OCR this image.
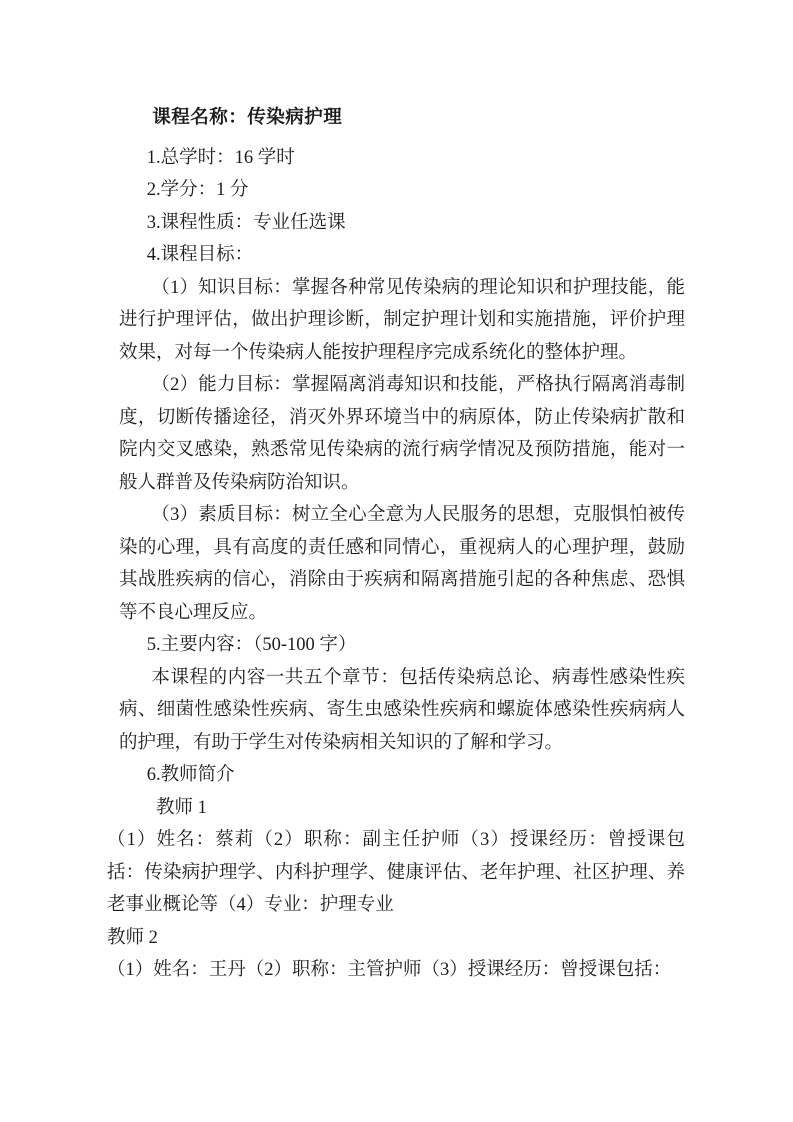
课程名称：传染病护理

1.总学时：16 学时

2.学分：1 分

3.课程性质：专业任选课

4.课程目标：

（1）知识目标：掌握各种常见传染病的理论知识和护理技能，能进行护理评估，做出护理诊断，制定护理计划和实施措施，评价护理效果，对每一个传染病人能按护理程序完成系统化的整体护理。

（2）能力目标：掌握隔离消毒知识和技能，严格执行隔离消毒制度，切断传播途径，消灭外界环境当中的病原体，防止传染病扩散和院内交叉感染，熟悉常见传染病的流行病学情况及预防措施，能对一般人群普及传染病防治知识。

（3）素质目标：树立全心全意为人民服务的思想，克服惧怕被传染的心理，具有高度的责任感和同情心，重视病人的心理护理，鼓励其战胜疾病的信心，消除由于疾病和隔离措施引起的各种焦虑、恐惧等不良心理反应。

5.主要内容：（50-100 字）

本课程的内容一共五个章节：包括传染病总论、病毒性感染性疾病、细菌性感染性疾病、寄生虫感染性疾病和螺旋体感染性疾病病人的护理，有助于学生对传染病相关知识的了解和学习。

6.教师简介

教师 1

（1）姓名：蔡莉（2）职称：副主任护师（3）授课经历：曾授课包括：传染病护理学、内科护理学、健康评估、老年护理、社区护理、养老事业概论等（4）专业：护理专业

教师 2

（1）姓名：王丹（2）职称：主管护师（3）授课经历：曾授课包括：
